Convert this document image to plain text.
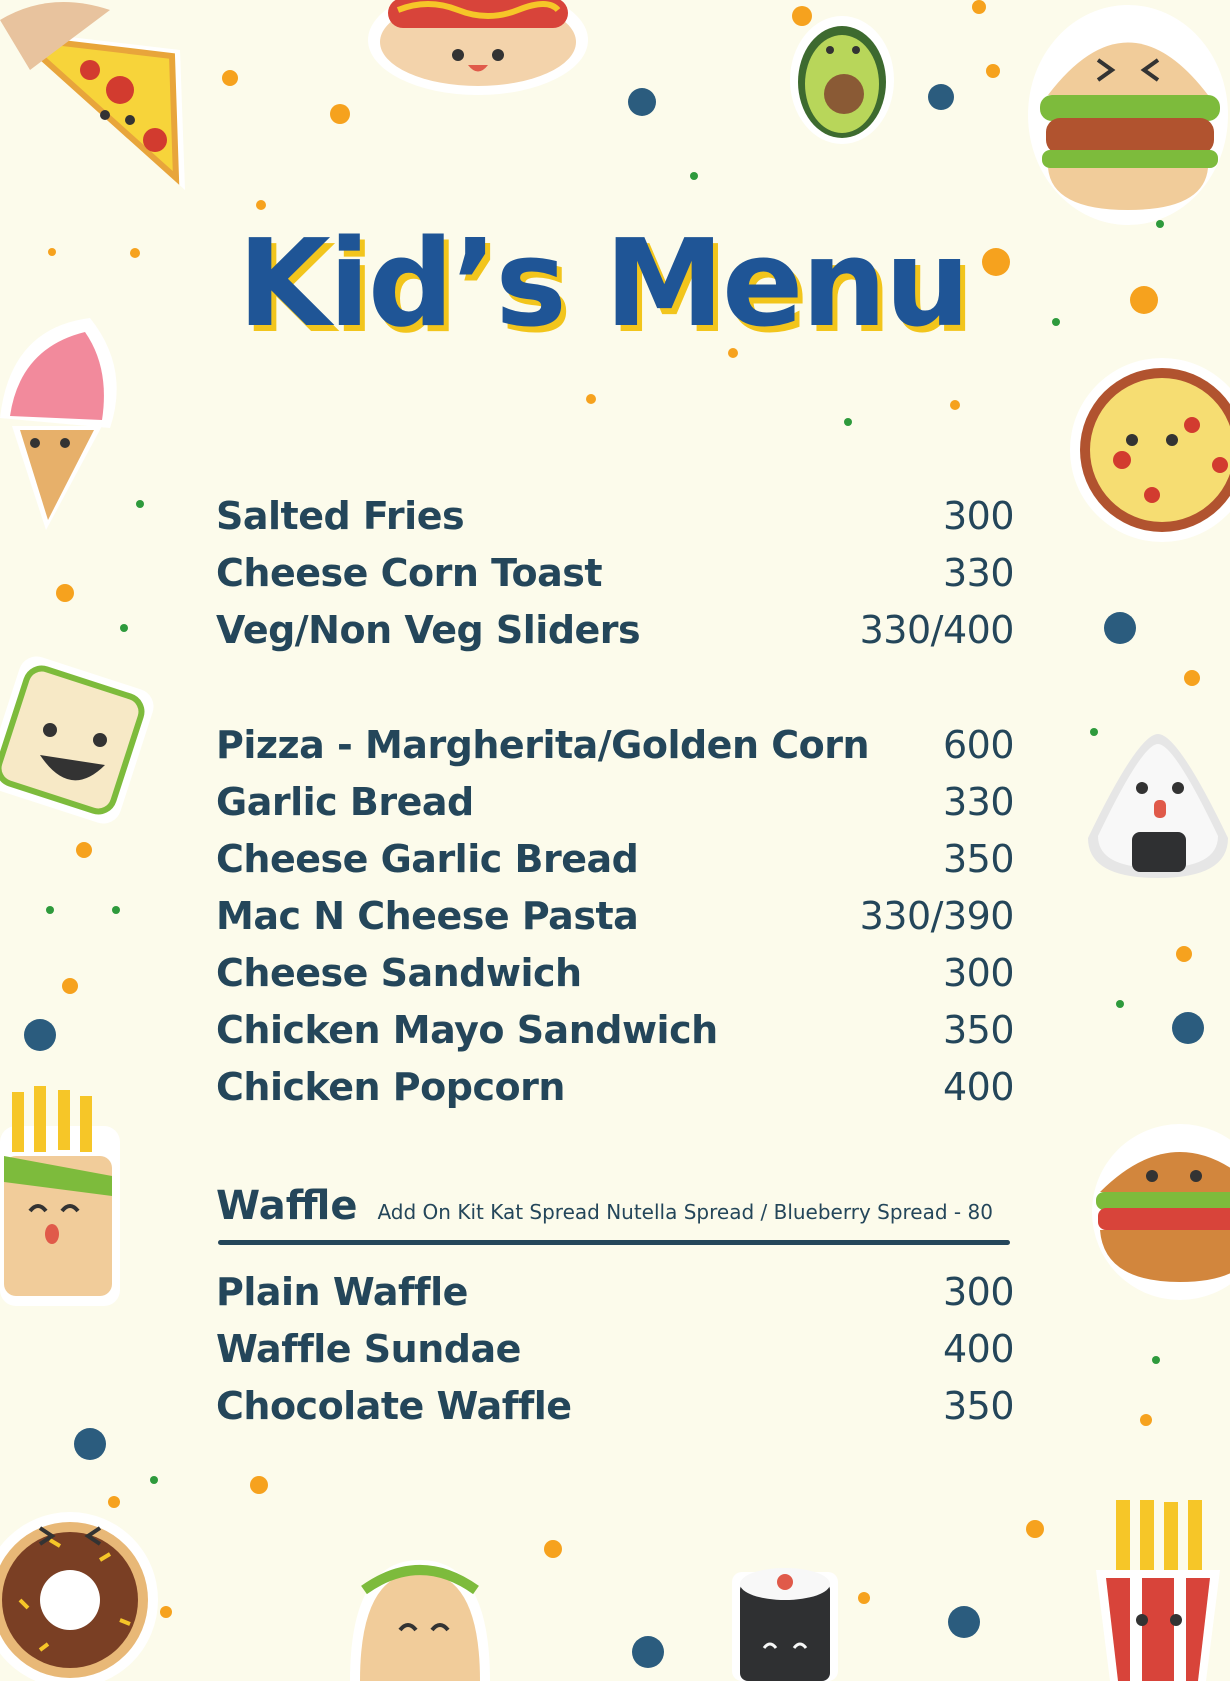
Kid’s Menu
Salted Fries	300
Cheese Corn Toast	330
Veg/Non Veg Sliders	330/400
Pizza - Margherita/Golden Corn 600
Garlic Bread	330
Cheese Garlic Bread	350
Mac N Cheese Pasta	330/390
Cheese Sandwich	300
Chicken Mayo Sandwich	350
Chicken Popcorn	400
Waffle Add On Kit Kat Spread Nutella Spread / Blueberry Spread - 80
Plain Waffle	300
Waffle Sundae	400
Chocolate Waffle	350
